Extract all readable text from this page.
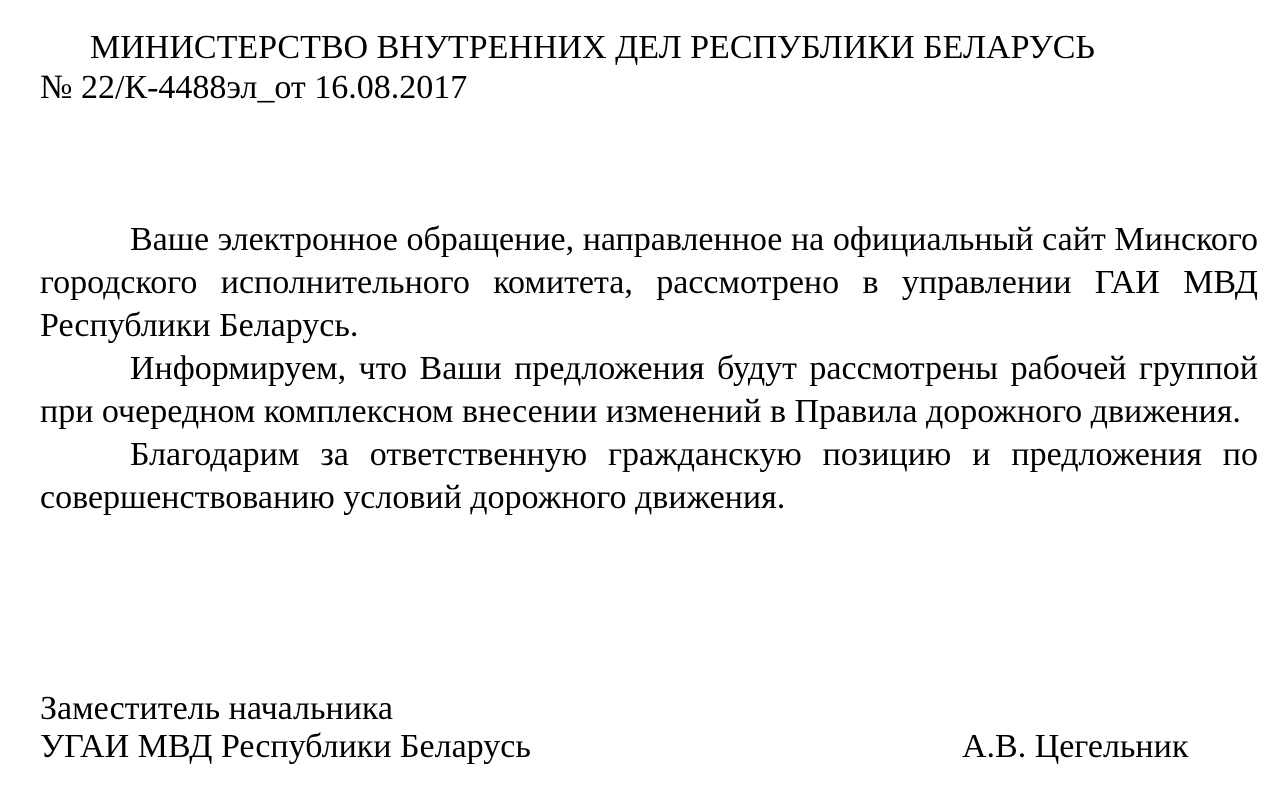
МИНИСТЕРСТВО ВНУТРЕННИХ ДЕЛ РЕСПУБЛИКИ БЕЛАРУСЬ
№ 22/К-4488эл_от 16.08.2017

Ваше электронное обращение, направленное на официальный сайт Минского городского исполнительного комитета, рассмотрено в управлении ГАИ МВД Республики Беларусь.

Информируем, что Ваши предложения будут рассмотрены рабочей группой при очередном комплексном внесении изменений в Правила дорожного движения.

Благодарим за ответственную гражданскую позицию и предложения по совершенствованию условий дорожного движения.

Заместитель начальника
УГАИ МВД Республики Беларусь	А.В. Цегельник
